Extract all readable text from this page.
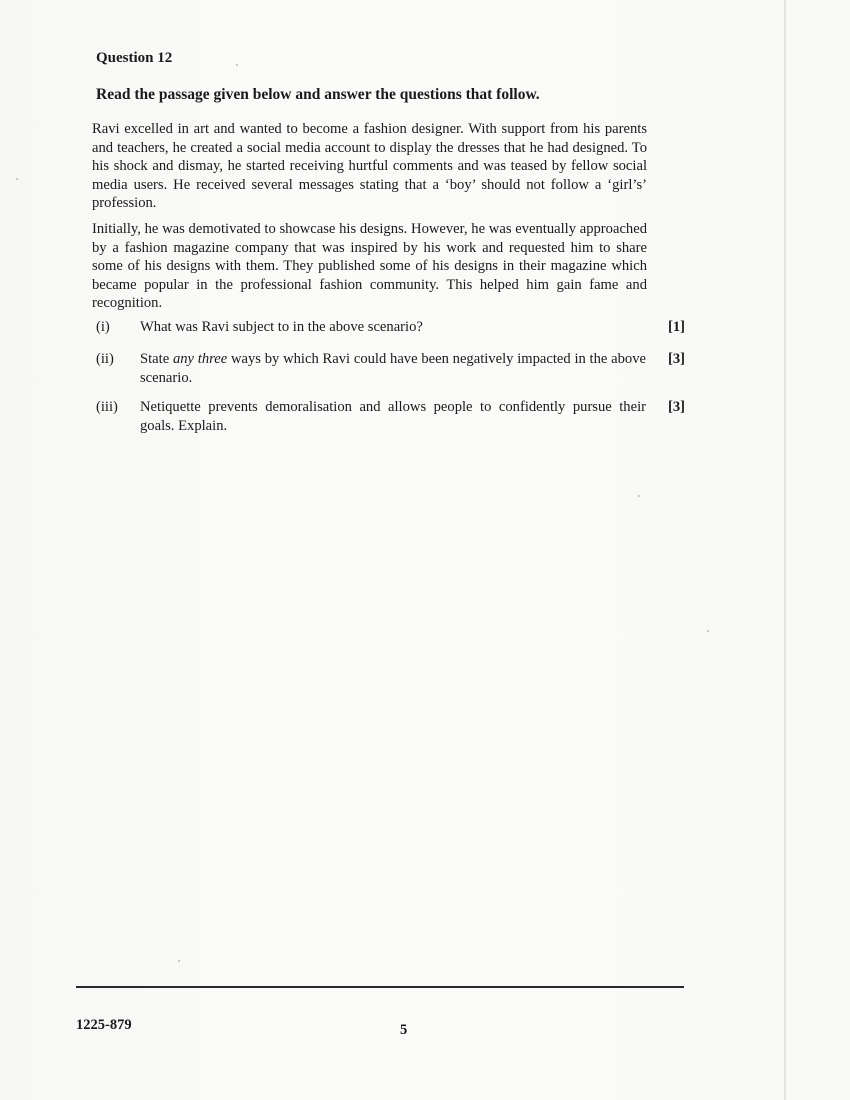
Question 12

Read the passage given below and answer the questions that follow.

Ravi excelled in art and wanted to become a fashion designer. With support from his parents and teachers, he created a social media account to display the dresses that he had designed. To his shock and dismay, he started receiving hurtful comments and was teased by fellow social media users. He received several messages stating that a ‘boy’ should not follow a ‘girl’s’ profession.

Initially, he was demotivated to showcase his designs. However, he was eventually approached by a fashion magazine company that was inspired by his work and requested him to share some of his designs with them. They published some of his designs in their magazine which became popular in the professional fashion community. This helped him gain fame and recognition.

(i) What was Ravi subject to in the above scenario?	[1]
(ii) State any three ways by which Ravi could have been negatively impacted in the above scenario.
[3]
(iii) Netiquette prevents demoralisation and allows people to confidently pursue their goals. Explain.
[3]

1225-879	5
